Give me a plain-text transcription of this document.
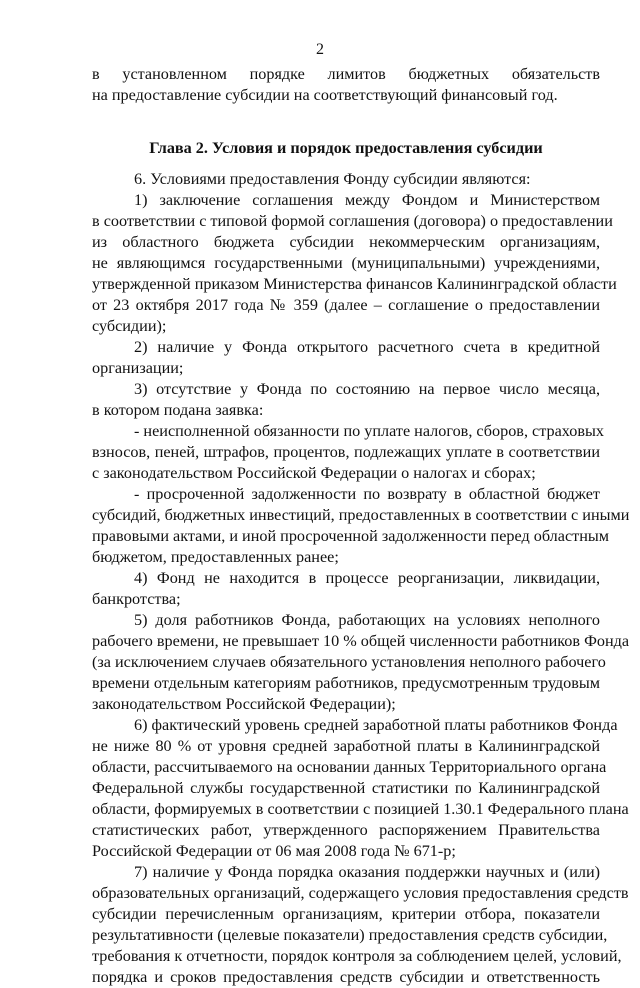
2
в установленном порядке лимитов бюджетных обязательств
на предоставление субсидии на соответствующий финансовый год.
Глава 2. Условия и порядок предоставления субсидии
6. Условиями предоставления Фонду субсидии являются:
1) заключение соглашения между Фондом и Министерством
в соответствии с типовой формой соглашения (договора) о предоставлении
из областного бюджета субсидии некоммерческим организациям,
не являющимся государственными (муниципальными) учреждениями,
утвержденной приказом Министерства финансов Калининградской области
от 23 октября 2017 года № 359 (далее – соглашение о предоставлении
субсидии);
2) наличие у Фонда открытого расчетного счета в кредитной
организации;
3) отсутствие у Фонда по состоянию на первое число месяца,
в котором подана заявка:
- неисполненной обязанности по уплате налогов, сборов, страховых
взносов, пеней, штрафов, процентов, подлежащих уплате в соответствии
с законодательством Российской Федерации о налогах и сборах;
- просроченной задолженности по возврату в областной бюджет
субсидий, бюджетных инвестиций, предоставленных в соответствии с иными
правовыми актами, и иной просроченной задолженности перед областным
бюджетом, предоставленных ранее;
4) Фонд не находится в процессе реорганизации, ликвидации,
банкротства;
5) доля работников Фонда, работающих на условиях неполного
рабочего времени, не превышает 10 % общей численности работников Фонда
(за исключением случаев обязательного установления неполного рабочего
времени отдельным категориям работников, предусмотренным трудовым
законодательством Российской Федерации);
6) фактический уровень средней заработной платы работников Фонда
не ниже 80 % от уровня средней заработной платы в Калининградской
области, рассчитываемого на основании данных Территориального органа
Федеральной службы государственной статистики по Калининградской
области, формируемых в соответствии с позицией 1.30.1 Федерального плана
статистических работ, утвержденного распоряжением Правительства
Российской Федерации от 06 мая 2008 года № 671-р;
7) наличие у Фонда порядка оказания поддержки научных и (или)
образовательных организаций, содержащего условия предоставления средств
субсидии перечисленным организациям, критерии отбора, показатели
результативности (целевые показатели) предоставления средств субсидии,
требования к отчетности, порядок контроля за соблюдением целей, условий,
порядка и сроков предоставления средств субсидии и ответственность
